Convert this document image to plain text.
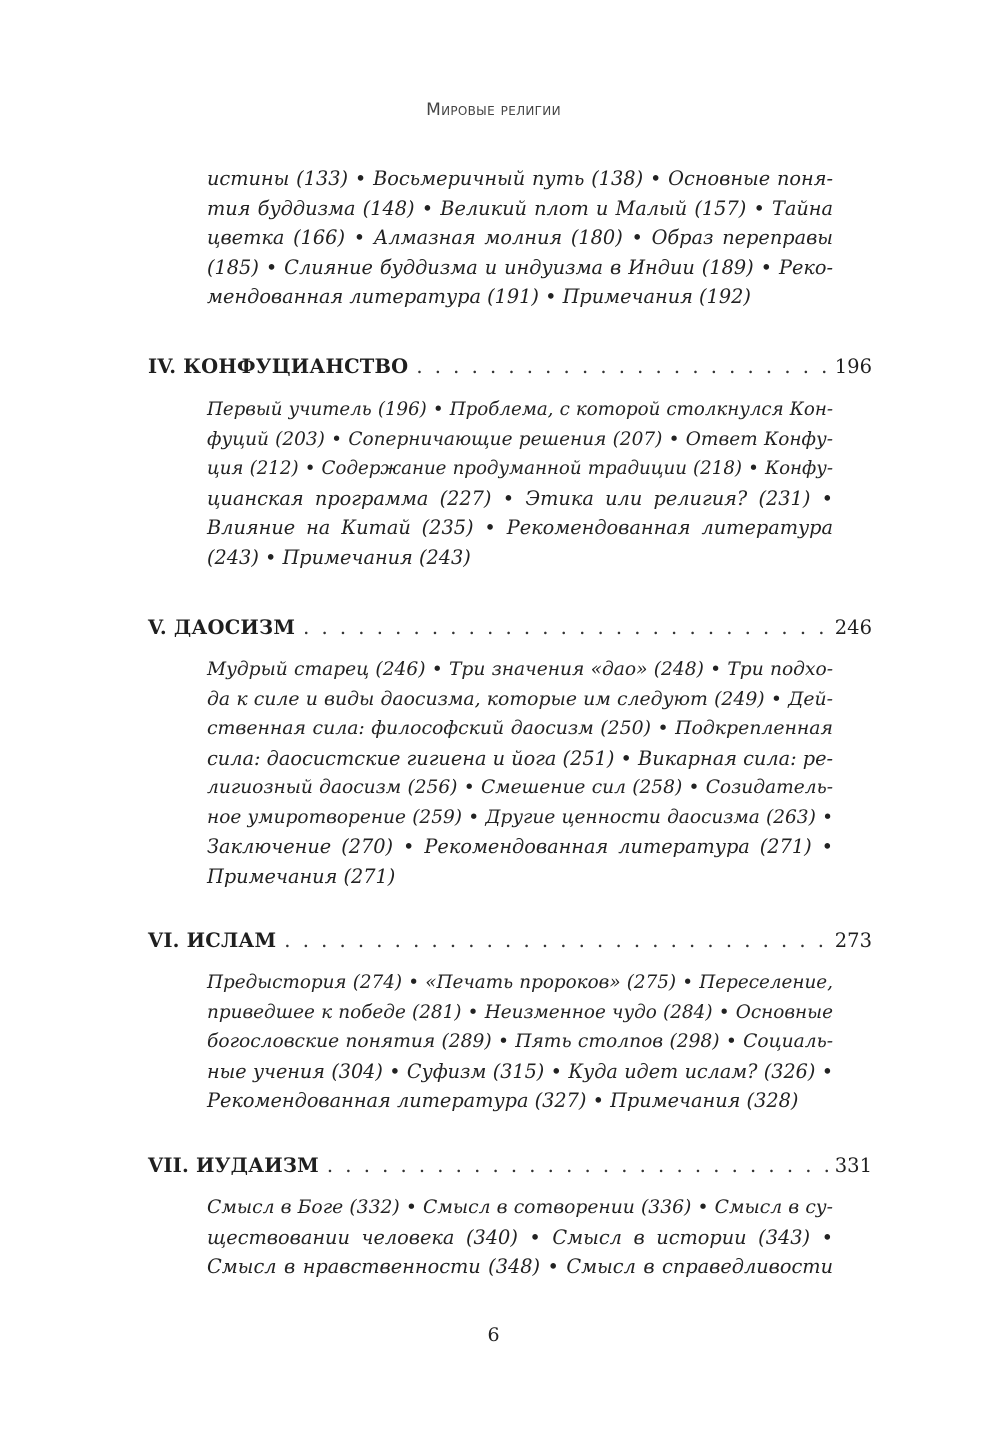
Мировые религии
истины (133) • Восьмеричный путь (138) • Основные поня-
тия буддизма (148) • Великий плот и Малый (157) • Тайна
цветка (166) • Алмазная молния (180) • Образ переправы
(185) • Слияние буддизма и индуизма в Индии (189) • Реко-
мендованная литература (191) • Примечания (192)
IV. КОНФУЦИАНСТВО . . .	196
Первый учитель (196) • Проблема, с которой столкнулся Кон-
фуций (203) • Соперничающие решения (207) • Ответ Конфу-
ция (212) • Содержание продуманной традиции (218) • Конфу-
цианская программа (227) • Этика или религия? (231) •
Влияние на Китай (235) • Рекомендованная литература
(243) • Примечания (243)
V. ДАОСИЗМ . . .	246
Мудрый старец (246) • Три значения «дао» (248) • Три подхо-
да к силе и виды даосизма, которые им следуют (249) • Дей-
ственная сила: философский даосизм (250) • Подкрепленная
сила: даосистские гигиена и йога (251) • Викарная сила: ре-
лигиозный даосизм (256) • Смешение сил (258) • Созидатель-
ное умиротворение (259) • Другие ценности даосизма (263) •
Заключение (270) • Рекомендованная литература (271) •
Примечания (271)
VI. ИСЛАМ . . .	273
Предыстория (274) • «Печать пророков» (275) • Переселение,
приведшее к победе (281) • Неизменное чудо (284) • Основные
богословские понятия (289) • Пять столпов (298) • Социаль-
ные учения (304) • Суфизм (315) • Куда идет ислам? (326) •
Рекомендованная литература (327) • Примечания (328)
VII. ИУДАИЗМ . . .	331
Смысл в Боге (332) • Смысл в сотворении (336) • Смысл в су-
ществовании человека (340) • Смысл в истории (343) •
Смысл в нравственности (348) • Смысл в справедливости
6
